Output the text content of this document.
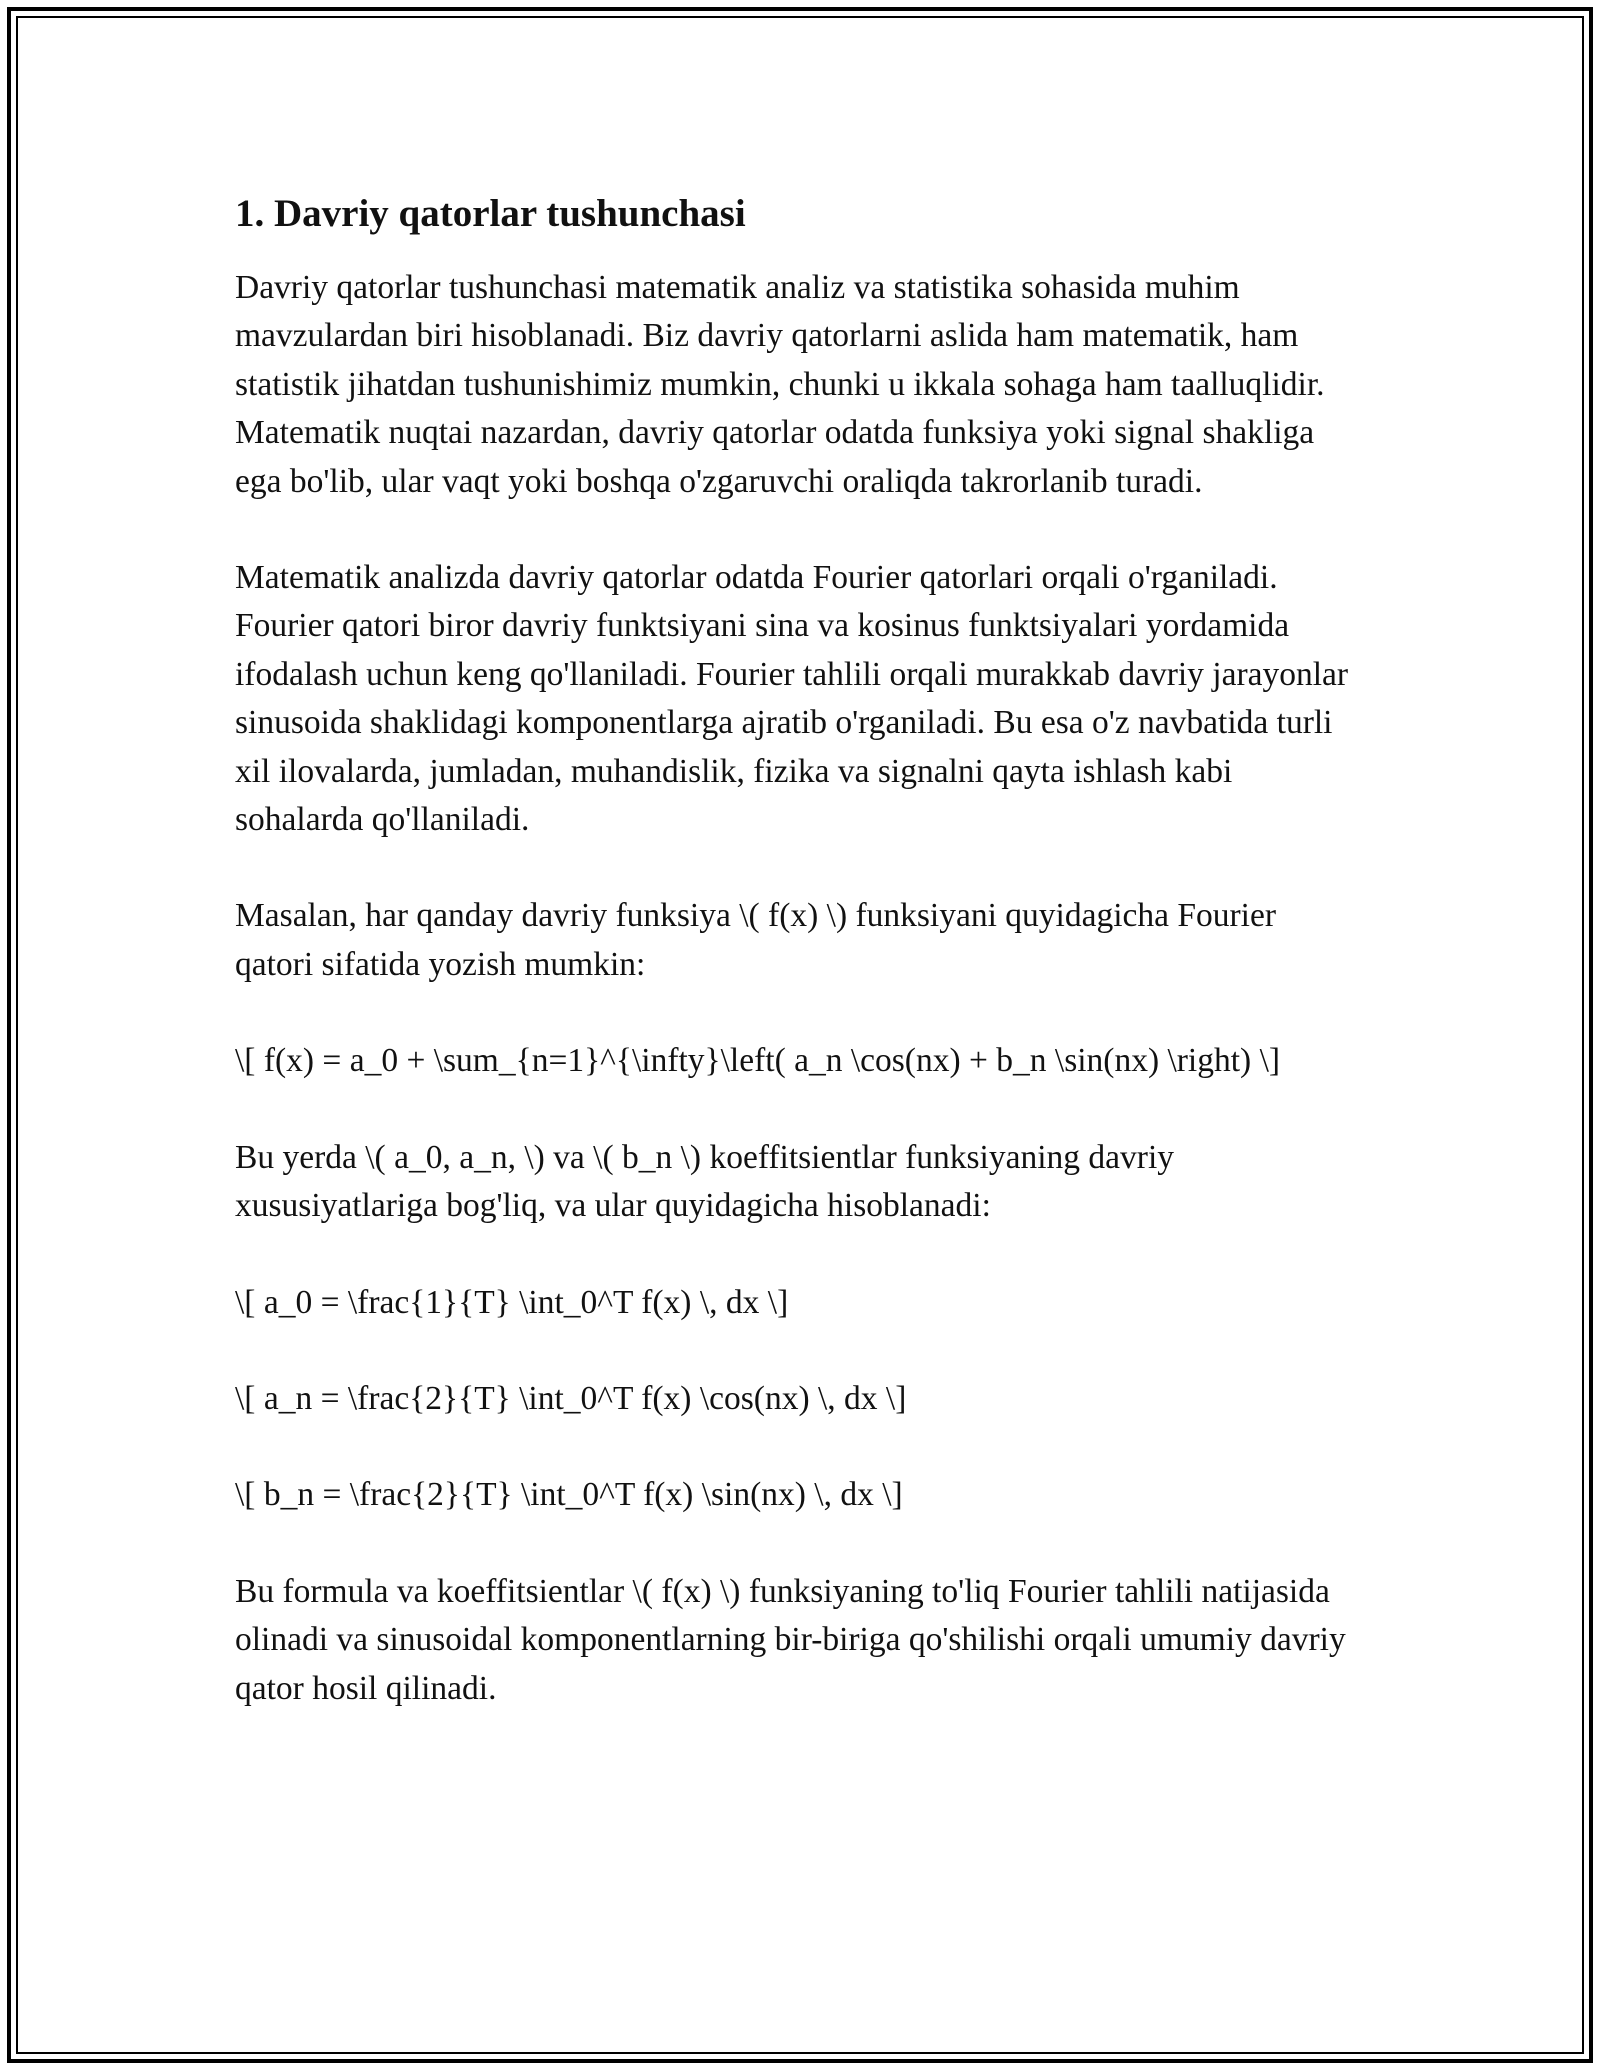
1. Davriy qatorlar tushunchasi

Davriy qatorlar tushunchasi matematik analiz va statistika sohasida muhim mavzulardan biri hisoblanadi. Biz davriy qatorlarni aslida ham matematik, ham statistik jihatdan tushunishimiz mumkin, chunki u ikkala sohaga ham taalluqlidir. Matematik nuqtai nazardan, davriy qatorlar odatda funksiya yoki signal shakliga ega bo'lib, ular vaqt yoki boshqa o'zgaruvchi oraliqda takrorlanib turadi.

Matematik analizda davriy qatorlar odatda Fourier qatorlari orqali o'rganiladi. Fourier qatori biror davriy funktsiyani sina va kosinus funktsiyalari yordamida ifodalash uchun keng qo'llaniladi. Fourier tahlili orqali murakkab davriy jarayonlar sinusoida shaklidagi komponentlarga ajratib o'rganiladi. Bu esa o'z navbatida turli xil ilovalarda, jumladan, muhandislik, fizika va signalni qayta ishlash kabi sohalarda qo'llaniladi.

Masalan, har qanday davriy funksiya \( f(x) \) funksiyani quyidagicha Fourier qatori sifatida yozish mumkin:

\[ f(x) = a_0 + \sum_{n=1}^{\infty}\left( a_n \cos(nx) + b_n \sin(nx) \right) \]

Bu yerda \( a_0, a_n, \) va \( b_n \) koeffitsientlar funksiyaning davriy xususiyatlariga bog'liq, va ular quyidagicha hisoblanadi:

\[ a_0 = \frac{1}{T} \int_0^T f(x) \, dx \]

\[ a_n = \frac{2}{T} \int_0^T f(x) \cos(nx) \, dx \]

\[ b_n = \frac{2}{T} \int_0^T f(x) \sin(nx) \, dx \]

Bu formula va koeffitsientlar \( f(x) \) funksiyaning to'liq Fourier tahlili natijasida olinadi va sinusoidal komponentlarning bir-biriga qo'shilishi orqali umumiy davriy qator hosil qilinadi.
